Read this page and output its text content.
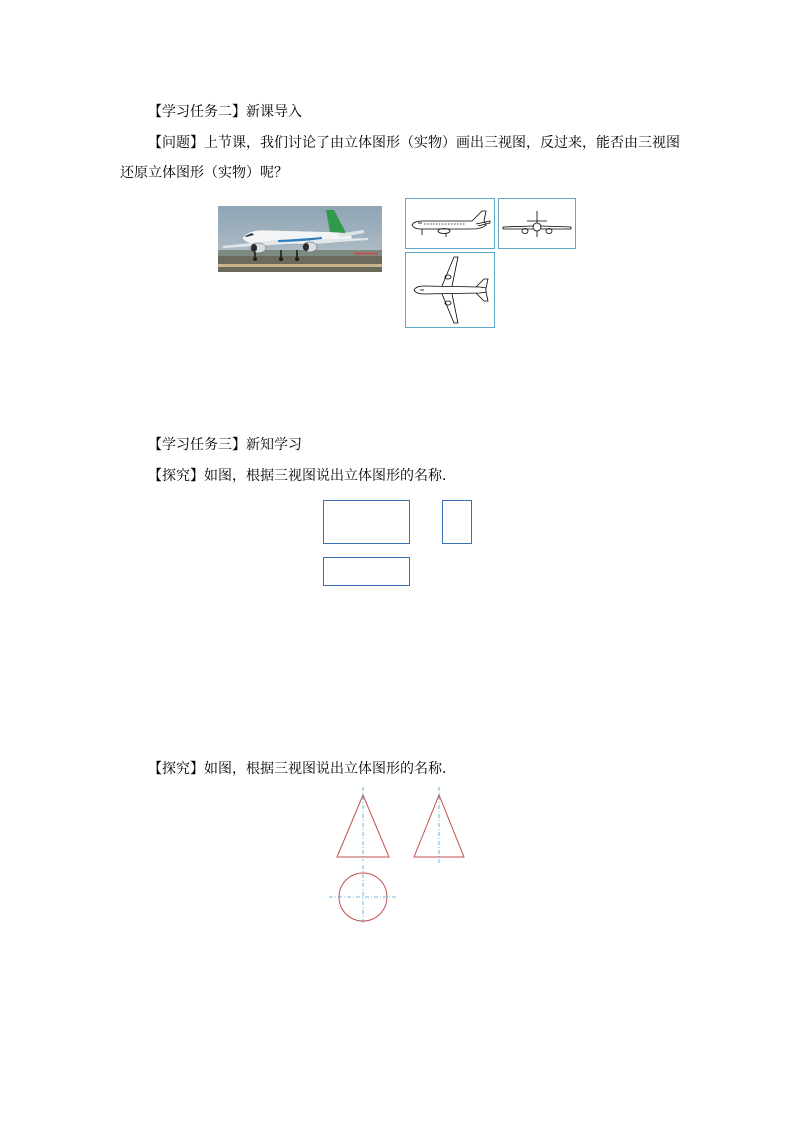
【学习任务二】新课导入
【问题】上节课，我们讨论了由立体图形（实物）画出三视图，反过来，能否由三视图
还原立体图形（实物）呢？
【学习任务三】新知学习
【探究】如图，根据三视图说出立体图形的名称．
【探究】如图，根据三视图说出立体图形的名称．
